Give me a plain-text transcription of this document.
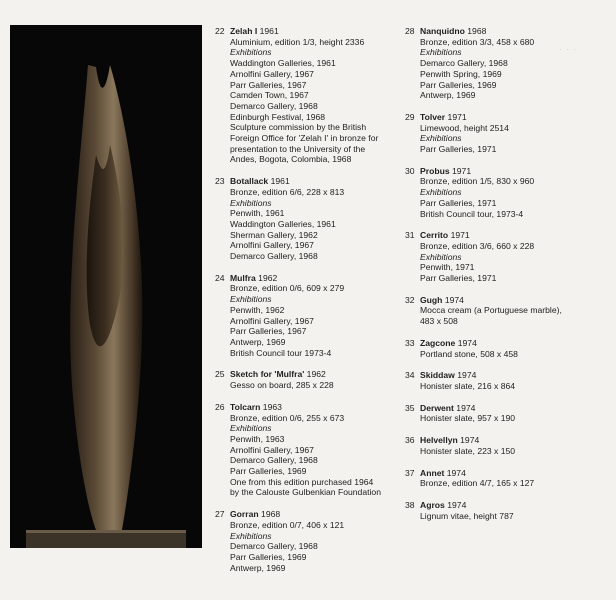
22 Zelah I 1961
Aluminium, edition 1/3, height 2336
Exhibitions
Waddington Galleries, 1961
Arnolfini Gallery, 1967
Parr Galleries, 1967
Camden Town, 1967
Demarco Gallery, 1968
Edinburgh Festival, 1968
Sculpture commission by the British
Foreign Office for 'Zelah I' in bronze for
presentation to the University of the
Andes, Bogota, Colombia, 1968
23 Botallack 1961
Bronze, edition 6/6, 228 x 813
Exhibitions
Penwith, 1961
Waddington Galleries, 1961
Sherman Gallery, 1962
Arnolfini Gallery, 1967
Demarco Gallery, 1968
24 Mulfra 1962
Bronze, edition 0/6, 609 x 279
Exhibitions
Penwith, 1962
Arnolfini Gallery, 1967
Parr Galleries, 1967
Antwerp, 1969
British Council tour 1973-4
25 Sketch for 'Mulfra' 1962
Gesso on board, 285 x 228
26 Tolcarn 1963
Bronze, edition 0/6, 255 x 673
Exhibitions
Penwith, 1963
Arnolfini Gallery, 1967
Demarco Gallery, 1968
Parr Galleries, 1969
One from this edition purchased 1964
by the Calouste Gulbenkian Foundation
27 Gorran 1968
Bronze, edition 0/7, 406 x 121
Exhibitions
Demarco Gallery, 1968
Parr Galleries, 1969
Antwerp, 1969
28 Nanquidno 1968
Bronze, edition 3/3, 458 x 680
Exhibitions
Demarco Gallery, 1968
Penwith Spring, 1969
Parr Galleries, 1969
Antwerp, 1969
29 Tolver 1971
Limewood, height 2514
Exhibitions
Parr Galleries, 1971
30 Probus 1971
Bronze, edition 1/5, 830 x 960
Exhibitions
Parr Galleries, 1971
British Council tour, 1973-4
31 Cerrito 1971
Bronze, edition 3/6, 660 x 228
Exhibitions
Penwith, 1971
Parr Galleries, 1971
32 Gugh 1974
Mocca cream (a Portuguese marble),
483 x 508
33 Zagcone 1974
Portland stone, 508 x 458
34 Skiddaw 1974
Honister slate, 216 x 864
35 Derwent 1974
Honister slate, 957 x 190
36 Helvellyn 1974
Honister slate, 223 x 150
37 Annet 1974
Bronze, edition 4/7, 165 x 127
38 Agros 1974
Lignum vitae, height 787
. . .
